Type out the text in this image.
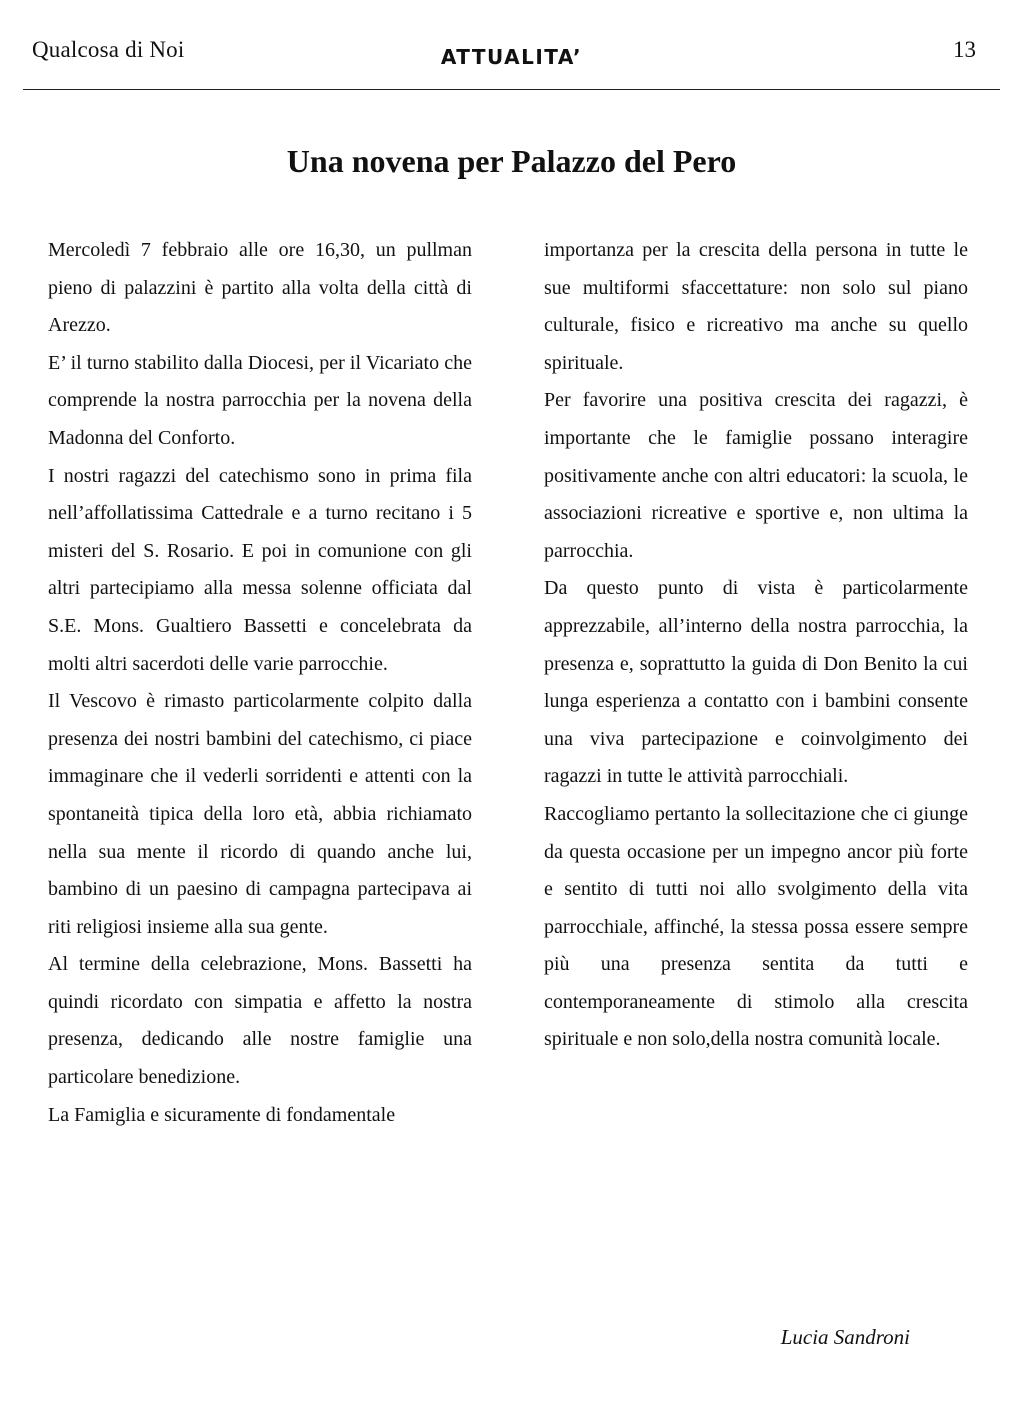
Qualcosa di Noi	ATTUALITA’	13
Una novena per Palazzo del Pero

Mercoledì 7 febbraio alle ore 16,30, un pullman pieno di palazzini è partito alla volta della città di Arezzo.

E’ il turno stabilito dalla Diocesi, per il Vicariato che comprende la nostra parrocchia per la novena della Madonna del Conforto.

I nostri ragazzi del catechismo sono in prima fila nell’affollatissima Cattedrale e a turno recitano i 5 misteri del S. Rosario. E poi in comunione con gli altri partecipiamo alla messa solenne officiata dal S.E. Mons. Gualtiero Bassetti e concelebrata da molti altri sacerdoti delle varie parrocchie.

Il Vescovo è rimasto particolarmente colpito dalla presenza dei nostri bambini del catechismo, ci piace immaginare che il vederli sorridenti e attenti con la spontaneità tipica della loro età, abbia richiamato nella sua mente il ricordo di quando anche lui, bambino di un paesino di campagna partecipava ai riti religiosi insieme alla sua gente.

Al termine della celebrazione, Mons. Bassetti ha quindi ricordato con simpatia e affetto la nostra presenza, dedicando alle nostre famiglie una particolare benedizione.

La Famiglia e sicuramente di fondamentale

importanza per la crescita della persona in tutte le sue multiformi sfaccettature: non solo sul piano culturale, fisico e ricreativo ma anche su quello spirituale.

Per favorire una positiva crescita dei ragazzi, è importante che le famiglie possano interagire positivamente anche con altri educatori: la scuola, le associazioni ricreative e sportive e, non ultima la parrocchia.

Da questo punto di vista è particolarmente apprezzabile, all’interno della nostra parrocchia, la presenza e, soprattutto la guida di Don Benito la cui lunga esperienza a contatto con i bambini consente una viva partecipazione e coinvolgimento dei ragazzi in tutte le attività parrocchiali.

Raccogliamo pertanto la sollecitazione che ci giunge da questa occasione per un impegno ancor più forte e sentito di tutti noi allo svolgimento della vita parrocchiale, affinché, la stessa possa essere sempre più una presenza sentita da tutti e contemporaneamente di stimolo alla crescita spirituale e non solo,della nostra comunità locale.

Lucia Sandroni
